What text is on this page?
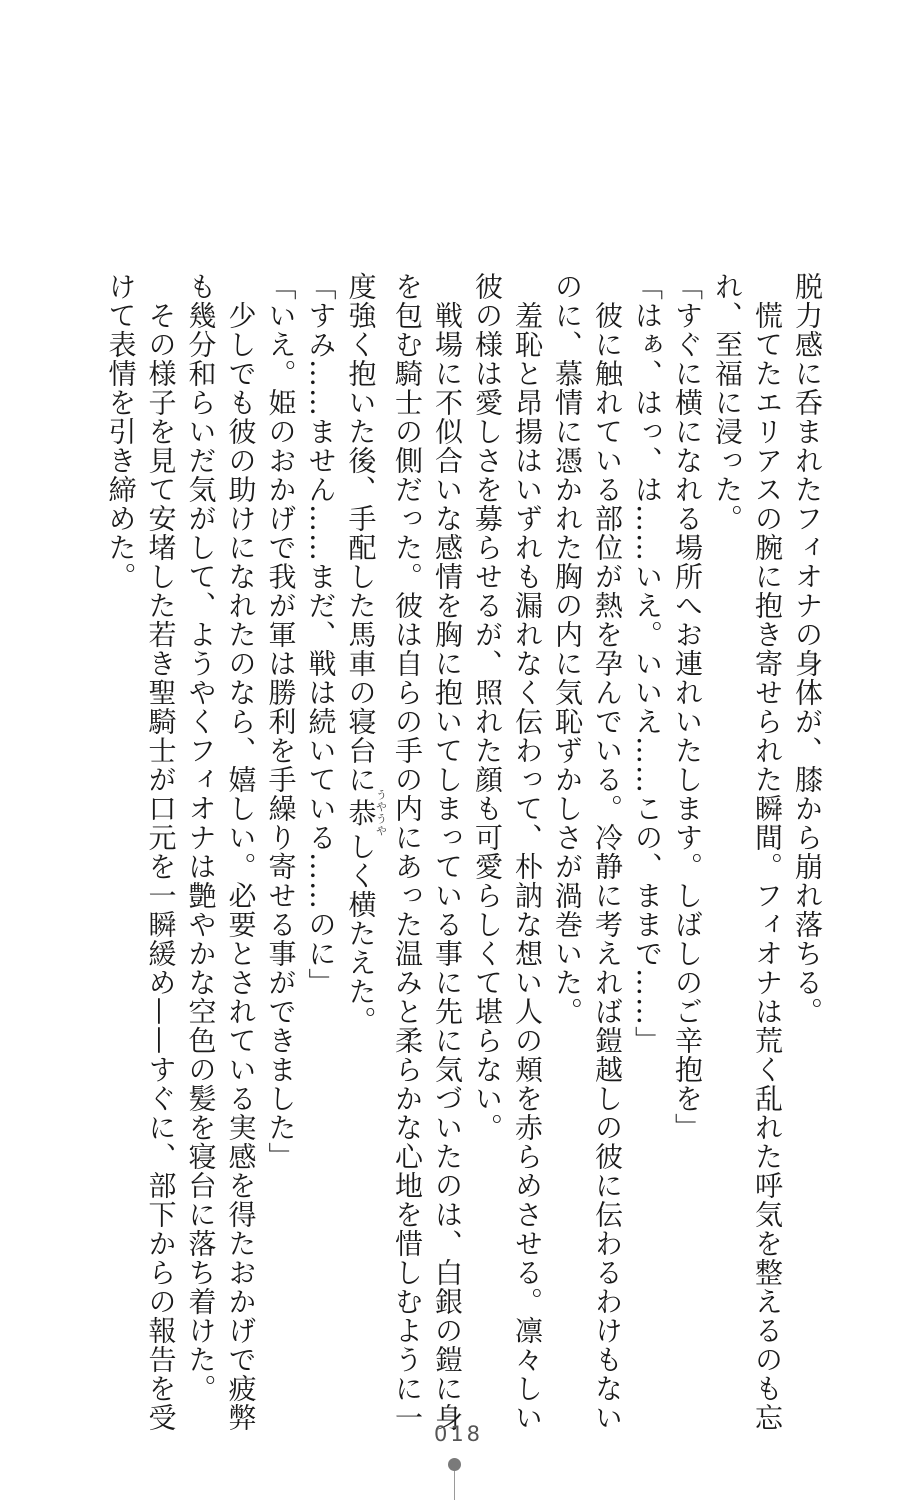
脱力感に呑まれたフィオナの身体が、膝から崩れ落ちる。
　慌てたエリアスの腕に抱き寄せられた瞬間。フィオナは荒く乱れた呼気を整えるのも忘
れ、至福に浸った。
「すぐに横になれる場所へお連れいたします。しばしのご辛抱を」
「はぁ、はっ、は……いえ。いいえ……この、ままで……」
　彼に触れている部位が熱を孕んでいる。冷静に考えれば鎧越しの彼に伝わるわけもない
のに、慕情に憑かれた胸の内に気恥ずかしさが渦巻いた。
　羞恥と昂揚はいずれも漏れなく伝わって、朴訥な想い人の頬を赤らめさせる。凛々しい
彼の様は愛しさを募らせるが、照れた顔も可愛らしくて堪らない。
　戦場に不似合いな感情を胸に抱いてしまっている事に先に気づいたのは、白銀の鎧に身
を包む騎士の側だった。彼は自らの手の内にあった温みと柔らかな心地を惜しむように一
度強く抱いた後、手配した馬車の寝台に恭うやうやしく横たえた。
「すみ……ません……まだ、戦は続いている……のに」
「いえ。姫のおかげで我が軍は勝利を手繰り寄せる事ができました」
　少しでも彼の助けになれたのなら、嬉しい。必要とされている実感を得たおかげで疲弊
も幾分和らいだ気がして、ようやくフィオナは艶やかな空色の髪を寝台に落ち着けた。
　その様子を見て安堵した若き聖騎士が口元を一瞬緩め——すぐに、部下からの報告を受
けて表情を引き締めた。
018
